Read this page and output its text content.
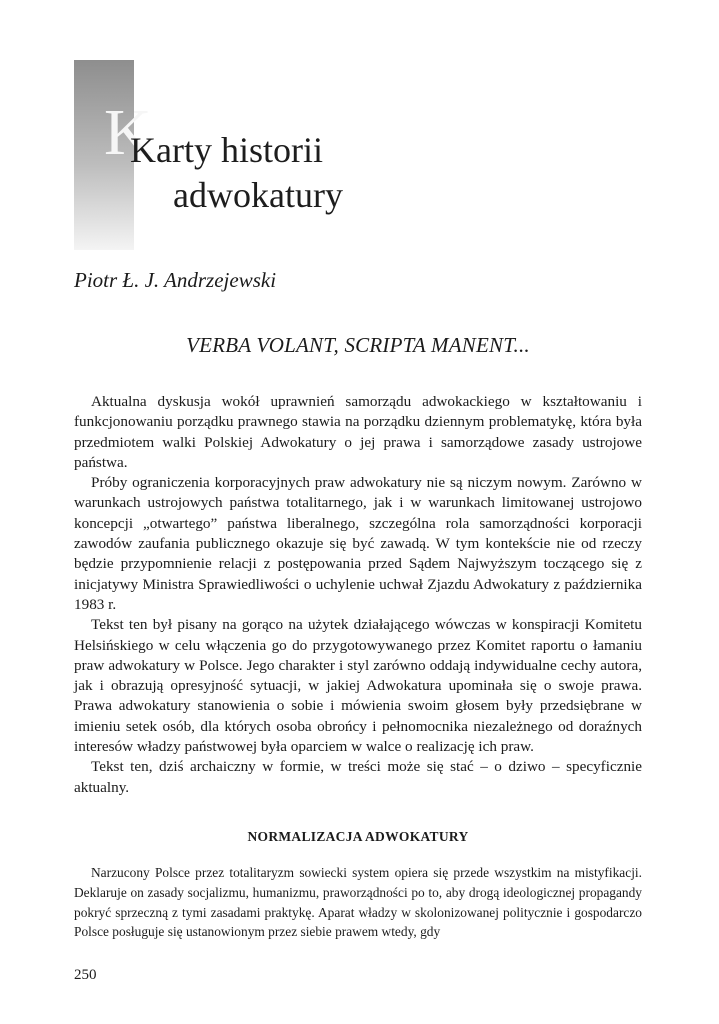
K
Karty historii
adwokatury
Piotr Ł. J. Andrzejewski
VERBA VOLANT, SCRIPTA MANENT...

Aktualna dyskusja wokół uprawnień samorządu adwokackiego w kształtowaniu i funkcjonowaniu porządku prawnego stawia na porządku dziennym problematykę, która była przedmiotem walki Polskiej Adwokatury o jej prawa i samorządowe zasady ustrojowe państwa.

Próby ograniczenia korporacyjnych praw adwokatury nie są niczym nowym. Zarówno w warunkach ustrojowych państwa totalitarnego, jak i w warunkach limitowanej ustrojowo koncepcji „otwartego” państwa liberalnego, szczególna rola samorządności korporacji zawodów zaufania publicznego okazuje się być zawadą. W tym kontekście nie od rzeczy będzie przypomnienie relacji z postępowania przed Sądem Najwyższym toczącego się z inicjatywy Ministra Sprawiedliwości o uchylenie uchwał Zjazdu Adwokatury z października 1983 r.

Tekst ten był pisany na gorąco na użytek działającego wówczas w konspiracji Komitetu Helsińskiego w celu włączenia go do przygotowywanego przez Komitet raportu o łamaniu praw adwokatury w Polsce. Jego charakter i styl zarówno oddają indywidualne cechy autora, jak i obrazują opresyjność sytuacji, w jakiej Adwokatura upominała się o swoje prawa. Prawa adwokatury stanowienia o sobie i mówienia swoim głosem były przedsiębrane w imieniu setek osób, dla których osoba obrońcy i pełnomocnika niezależnego od doraźnych interesów władzy państwowej była oparciem w walce o realizację ich praw.

Tekst ten, dziś archaiczny w formie, w treści może się stać – o dziwo – specyficznie aktualny.

NORMALIZACJA ADWOKATURY

Narzucony Polsce przez totalitaryzm sowiecki system opiera się przede wszystkim na mistyfikacji. Deklaruje on zasady socjalizmu, humanizmu, praworządności po to, aby drogą ideologicznej propagandy pokryć sprzeczną z tymi zasadami praktykę. Aparat władzy w skolonizowanej politycznie i gospodarczo Polsce posługuje się ustanowionym przez siebie prawem wtedy, gdy

250
